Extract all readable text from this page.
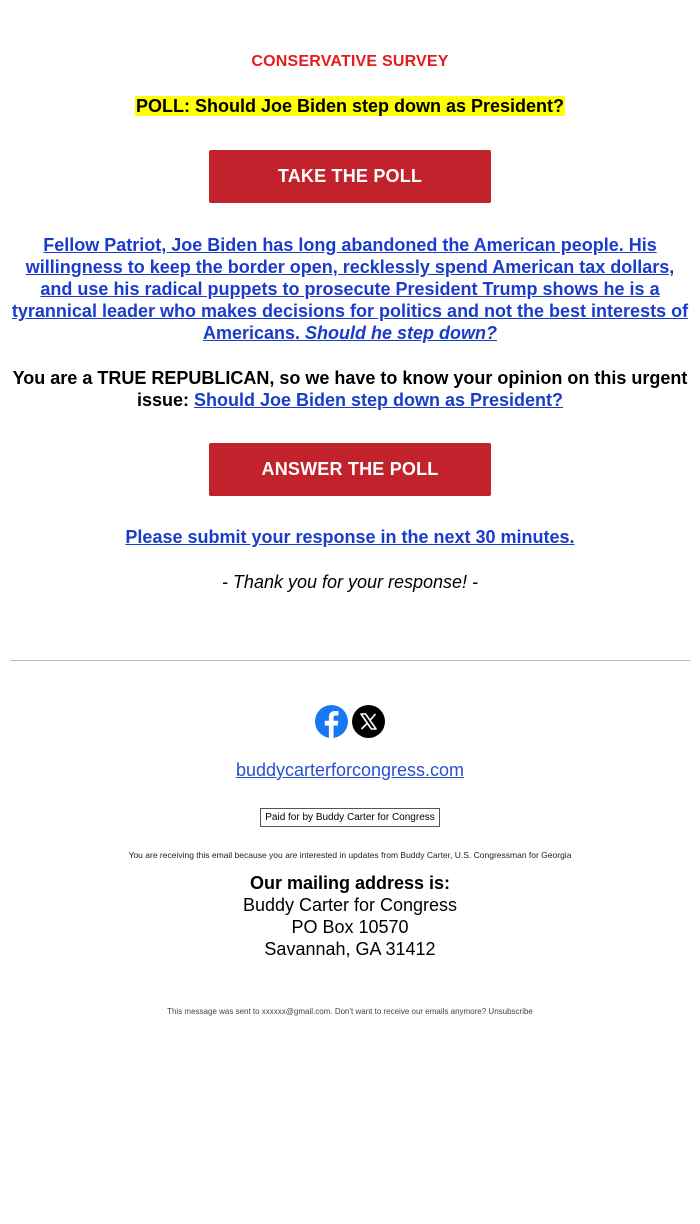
CONSERVATIVE SURVEY
POLL: Should Joe Biden step down as President?
TAKE THE POLL
Fellow Patriot, Joe Biden has long abandoned the American people. His willingness to keep the border open, recklessly spend American tax dollars, and use his radical puppets to prosecute President Trump shows he is a tyrannical leader who makes decisions for politics and not the best interests of Americans. Should he step down?
You are a TRUE REPUBLICAN, so we have to know your opinion on this urgent issue: Should Joe Biden step down as President?
ANSWER THE POLL
Please submit your response in the next 30 minutes.
- Thank you for your response! -
buddycarterforcongress.com
Paid for by Buddy Carter for Congress
You are receiving this email because you are interested in updates from Buddy Carter, U.S. Congressman for Georgia
Our mailing address is:
Buddy Carter for Congress
PO Box 10570
Savannah, GA 31412
This message was sent to xxxxxx@gmail.com. Don't want to receive our emails anymore? Unsubscribe
